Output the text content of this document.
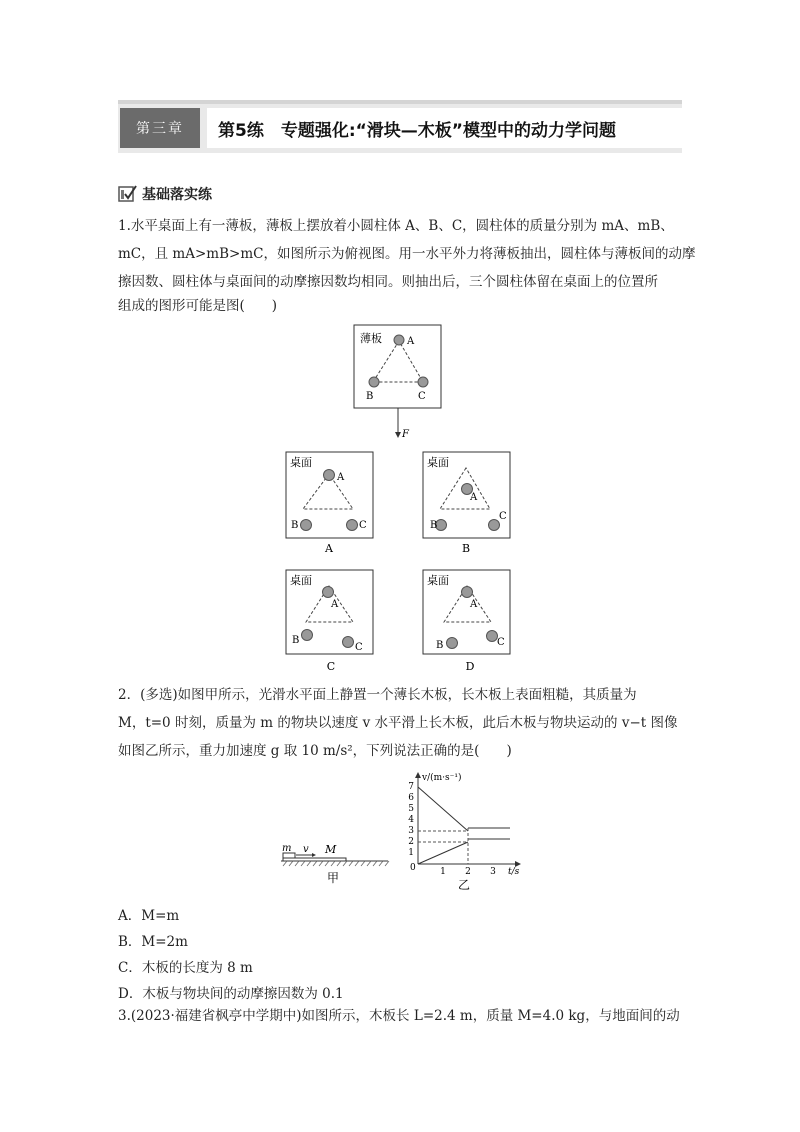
第三章	第5练　专题强化:“滑块—木板”模型中的动力学问题
基础落实练
1.水平桌面上有一薄板，薄板上摆放着小圆柱体 A、B、C，圆柱体的质量分别为 mA、mB、
mC，且 mA>mB>mC，如图所示为俯视图。用一水平外力将薄板抽出，圆柱体与薄板间的动摩
擦因数、圆柱体与桌面间的动摩擦因数均相同。则抽出后，三个圆柱体留在桌面上的位置所
组成的图形可能是图(　　)
薄板	A
B	C
F
桌面
A
B	C
A
桌面
A
B
C
B
桌面
A
B
C
C
桌面
A
B	C
D
m v M
甲
v/(m·s⁻¹)
t/s
0
7
6
5
4
3
2
1
1 2 3
乙
2．(多选)如图甲所示，光滑水平面上静置一个薄长木板，长木板上表面粗糙，其质量为
M，t=0 时刻，质量为 m 的物块以速度 v 水平滑上长木板，此后木板与物块运动的 v−t 图像
如图乙所示，重力加速度 g 取 10 m/s²，下列说法正确的是(　　)
A．M=m
B．M=2m
C．木板的长度为 8 m
D．木板与物块间的动摩擦因数为 0.1
3.(2023·福建省枫亭中学期中)如图所示，木板长 L=2.4 m，质量 M=4.0 kg，与地面间的动
